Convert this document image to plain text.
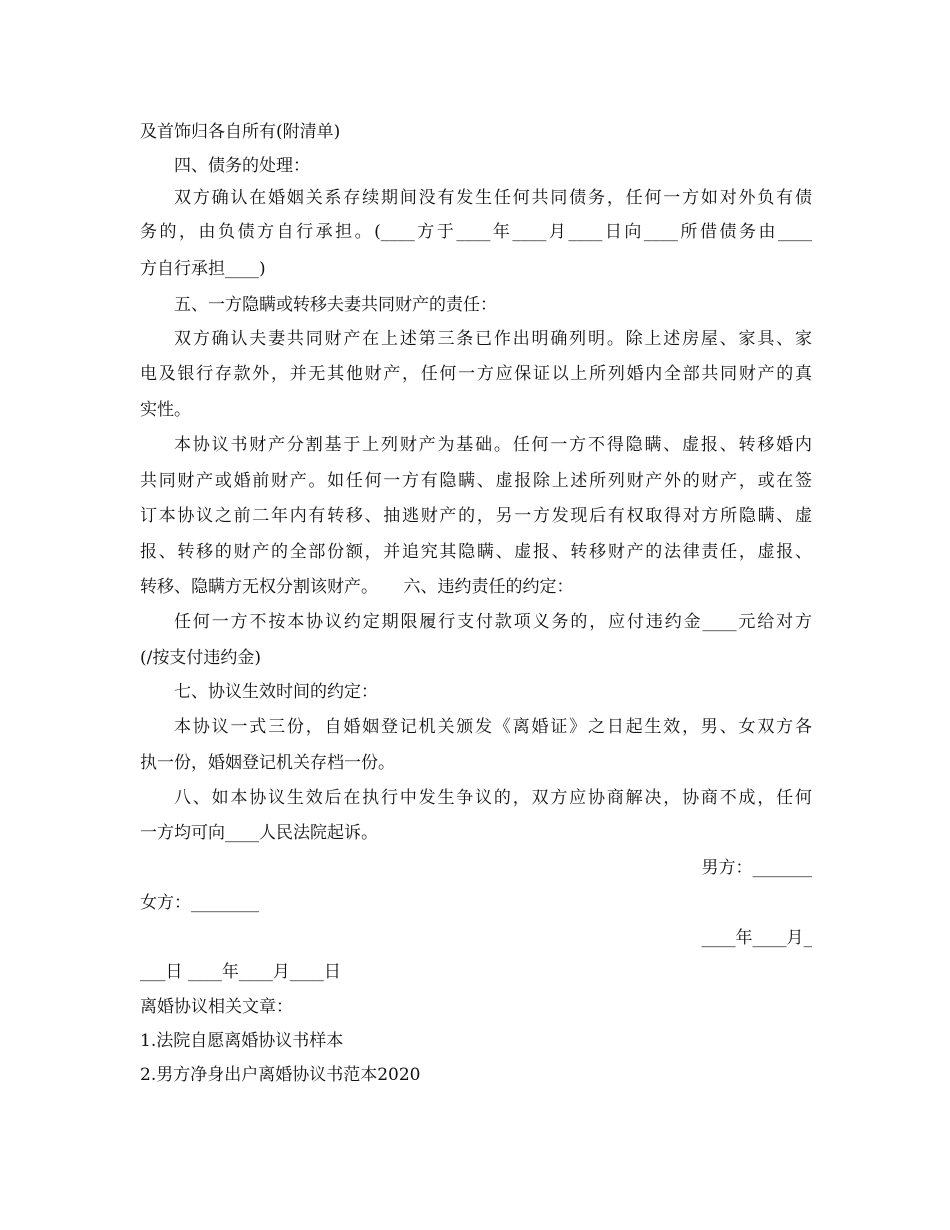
及首饰归各自所有(附清单)
四、债务的处理：
双方确认在婚姻关系存续期间没有发生任何共同债务，任何一方如对外负有债
务的，由负债方自行承担。(____方于____年____月____日向____所借债务由____
方自行承担____)
五、一方隐瞒或转移夫妻共同财产的责任：
双方确认夫妻共同财产在上述第三条已作出明确列明。除上述房屋、家具、家
电及银行存款外，并无其他财产，任何一方应保证以上所列婚内全部共同财产的真
实性。
本协议书财产分割基于上列财产为基础。任何一方不得隐瞒、虚报、转移婚内
共同财产或婚前财产。如任何一方有隐瞒、虚报除上述所列财产外的财产，或在签
订本协议之前二年内有转移、抽逃财产的，另一方发现后有权取得对方所隐瞒、虚
报、转移的财产的全部份额，并追究其隐瞒、虚报、转移财产的法律责任，虚报、
转移、隐瞒方无权分割该财产。　　六、违约责任的约定：
任何一方不按本协议约定期限履行支付款项义务的，应付违约金____元给对方
(/按支付违约金)
七、协议生效时间的约定：
本协议一式三份，自婚姻登记机关颁发《离婚证》之日起生效，男、女双方各
执一份，婚姻登记机关存档一份。
八、如本协议生效后在执行中发生争议的，双方应协商解决，协商不成，任何
一方均可向____人民法院起诉。
男方：_______
女方：________
____年____月_
___日 ____年____月____日
离婚协议相关文章：
1.法院自愿离婚协议书样本
2.男方净身出户离婚协议书范本2020
